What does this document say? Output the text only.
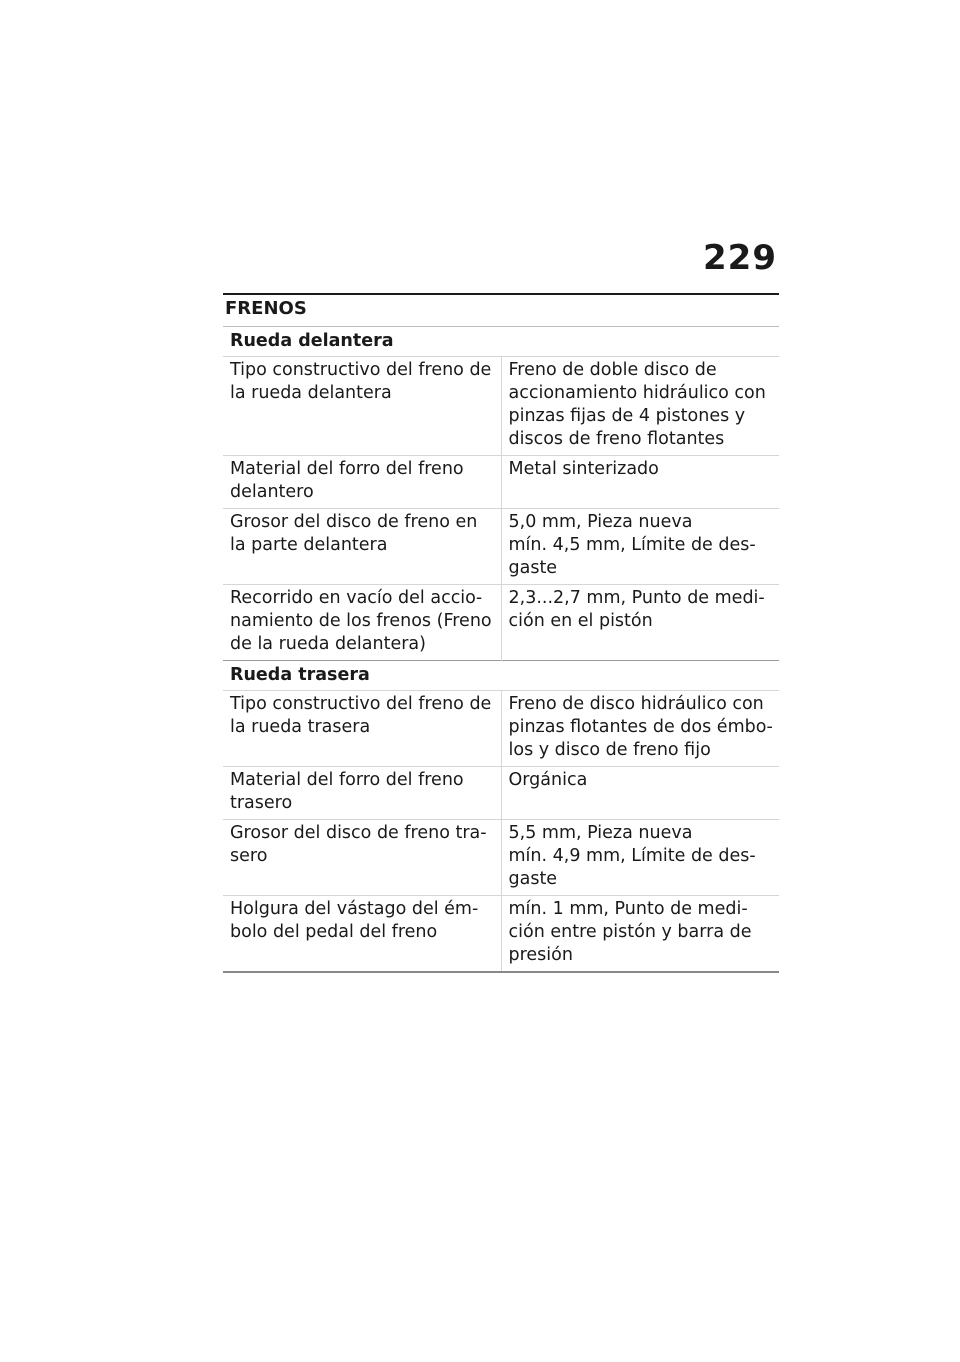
229
FRENOS
Rueda delantera	
Tipo constructivo del freno de la rueda delantera	Freno de doble disco de accionamiento hidráulico con pinzas fijas de 4 pistones y discos de freno flotantes

Material del forro del freno delantero	Metal sinterizado

Grosor del disco de freno en la parte delantera	5,0 mm, Pieza nueva
mín. 4,5 mm, Límite de desgaste

Recorrido en vacío del accionamiento de los frenos (Freno de la rueda delantera)	2,3...2,7 mm, Punto de medición en el pistón

Rueda trasera	
Tipo constructivo del freno de la rueda trasera	Freno de disco hidráulico con pinzas flotantes de dos émbolos y disco de freno fijo

Material del forro del freno trasero	Orgánica

Grosor del disco de freno trasero	5,5 mm, Pieza nueva
mín. 4,9 mm, Límite de desgaste

Holgura del vástago del émbolo del pedal del freno	mín. 1 mm, Punto de medición entre pistón y barra de presión
